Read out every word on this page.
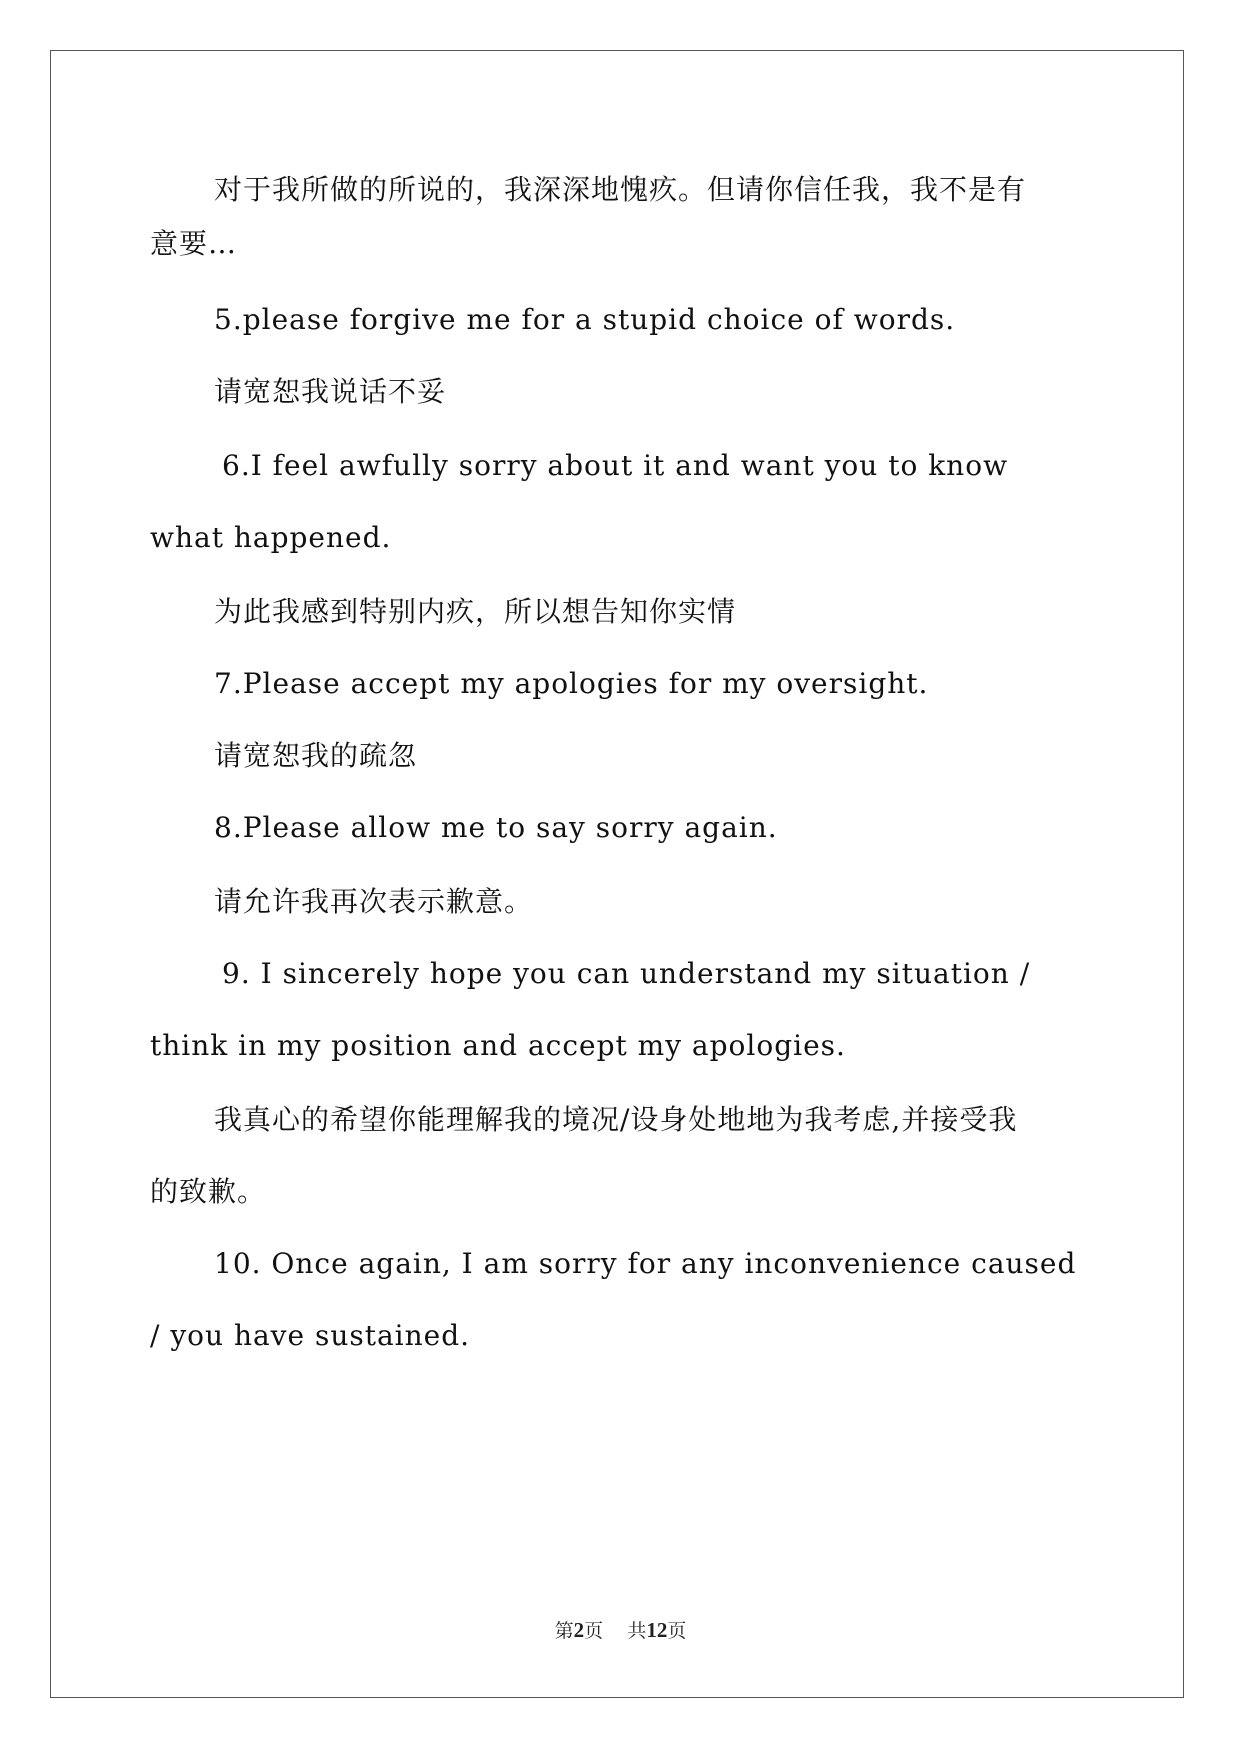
对于我所做的所说的，我深深地愧疚。但请你信任我，我不是有
意要…
5.please forgive me for a stupid choice of words.
请宽恕我说话不妥
6.I feel awfully sorry about it and want you to know
what happened.
为此我感到特别内疚，所以想告知你实情
7.Please accept my apologies for my oversight.
请宽恕我的疏忽
8.Please allow me to say sorry again.
请允许我再次表示歉意。
9. I sincerely hope you can understand my situation /
think in my position and accept my apologies.
我真心的希望你能理解我的境况/设身处地地为我考虑,并接受我
的致歉。
10. Once again, I am sorry for any inconvenience caused
/ you have sustained.
第2页 共12页
